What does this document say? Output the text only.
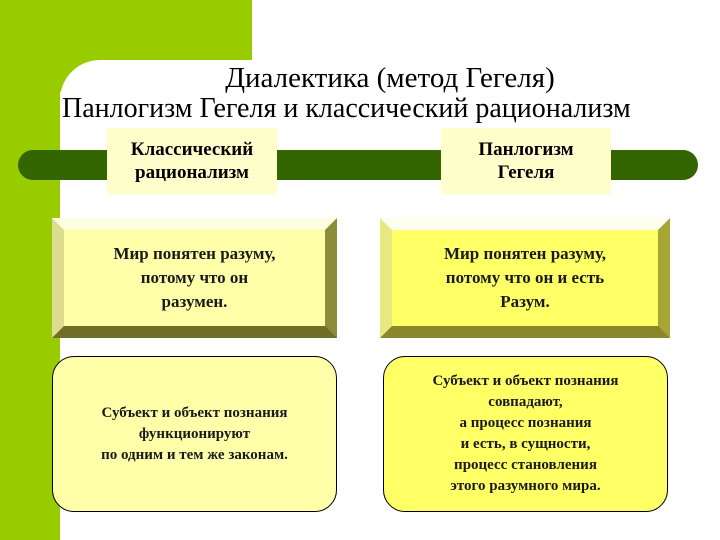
Диалектика (метод Гегеля)
Панлогизм Гегеля и классический рационализм
Классический
рационализм
Панлогизм
Гегеля
Мир понятен разуму,
потому что он
разумен.
Мир понятен разуму,
потому что он и есть
Разум.
Субъект и объект познания
функционируют
по одним и тем же законам.
Субъект и объект познания
совпадают,
а процесс познания
и есть, в сущности,
процесс становления
этого разумного мира.
